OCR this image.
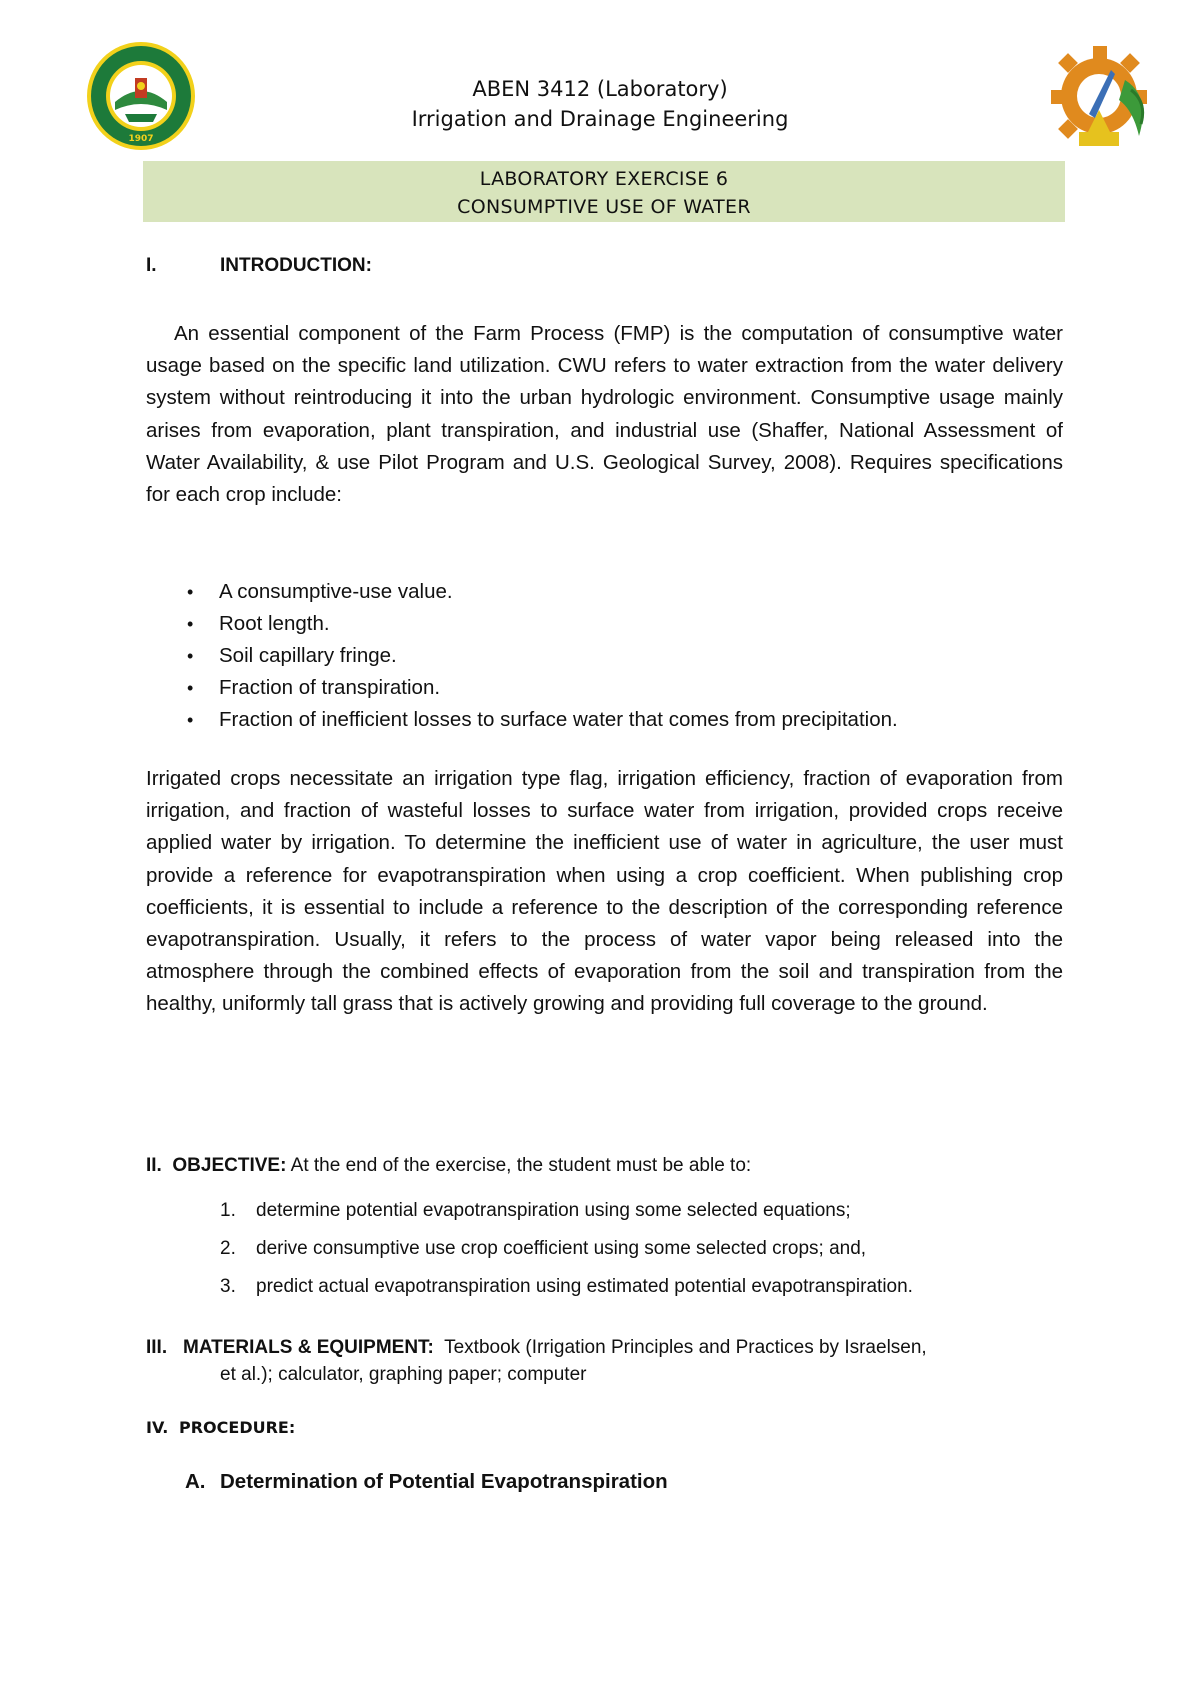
1907
ABEN 3412 (Laboratory)
Irrigation and Drainage Engineering
LABORATORY EXERCISE 6
CONSUMPTIVE USE OF WATER
I.	INTRODUCTION:

An essential component of the Farm Process (FMP) is the computation of consumptive water usage based on the specific land utilization. CWU refers to water extraction from the water delivery system without reintroducing it into the urban hydrologic environment. Consumptive usage mainly arises from evaporation, plant transpiration, and industrial use (Shaffer, National Assessment of Water Availability, & use Pilot Program and U.S. Geological Survey, 2008). Requires specifications for each crop include:

• A consumptive-use value.
• Root length.
• Soil capillary fringe.
• Fraction of transpiration.
• Fraction of inefficient losses to surface water that comes from precipitation.

Irrigated crops necessitate an irrigation type flag, irrigation efficiency, fraction of evaporation from irrigation, and fraction of wasteful losses to surface water from irrigation, provided crops receive applied water by irrigation. To determine the inefficient use of water in agriculture, the user must provide a reference for evapotranspiration when using a crop coefficient. When publishing crop coefficients, it is essential to include a reference to the description of the corresponding reference evapotranspiration. Usually, it refers to the process of water vapor being released into the atmosphere through the combined effects of evaporation from the soil and transpiration from the healthy, uniformly tall grass that is actively growing and providing full coverage to the ground.

II. OBJECTIVE: At the end of the exercise, the student must be able to:
1. determine potential evapotranspiration using some selected equations;
2. derive consumptive use crop coefficient using some selected crops; and,
3. predict actual evapotranspiration using estimated potential evapotranspiration.
III. MATERIALS & EQUIPMENT: Textbook (Irrigation Principles and Practices by Israelsen,
et al.); calculator, graphing paper; computer
IV. PROCEDURE:
A. Determination of Potential Evapotranspiration
